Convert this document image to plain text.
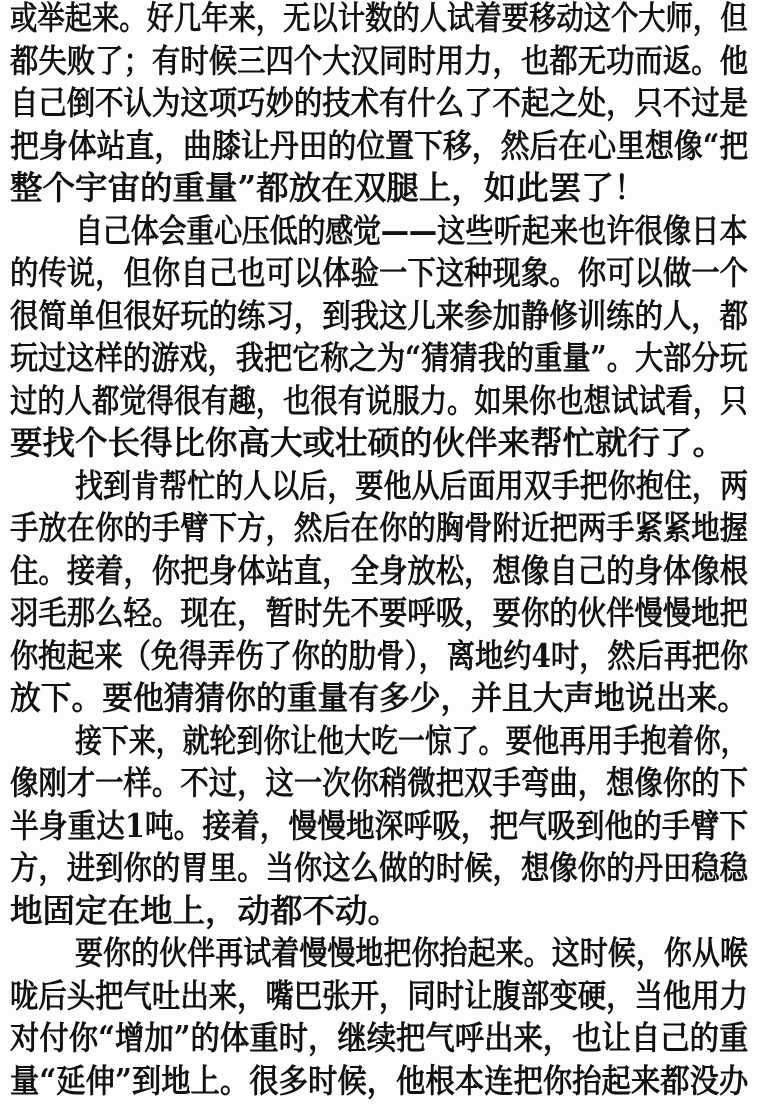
或举起来。好几年来，无以计数的人试着要移动这个大师，但
都失败了；有时候三四个大汉同时用力，也都无功而返。他
自己倒不认为这项巧妙的技术有什么了不起之处，只不过是
把身体站直，曲膝让丹田的位置下移，然后在心里想像“把
整个宇宙的重量”都放在双腿上，如此罢了！
自己体会重心压低的感觉——这些听起来也许很像日本
的传说，但你自己也可以体验一下这种现象。你可以做一个
很简单但很好玩的练习，到我这儿来参加静修训练的人，都
玩过这样的游戏，我把它称之为“猜猜我的重量”。大部分玩
过的人都觉得很有趣，也很有说服力。如果你也想试试看，只
要找个长得比你高大或壮硕的伙伴来帮忙就行了。
找到肯帮忙的人以后，要他从后面用双手把你抱住，两
手放在你的手臂下方，然后在你的胸骨附近把两手紧紧地握
住。接着，你把身体站直，全身放松，想像自己的身体像根
羽毛那么轻。现在，暂时先不要呼吸，要你的伙伴慢慢地把
你抱起来（免得弄伤了你的肋骨），离地约4吋，然后再把你
放下。要他猜猜你的重量有多少，并且大声地说出来。
接下来，就轮到你让他大吃一惊了。要他再用手抱着你，
像刚才一样。不过，这一次你稍微把双手弯曲，想像你的下
半身重达1吨。接着，慢慢地深呼吸，把气吸到他的手臂下
方，进到你的胃里。当你这么做的时候，想像你的丹田稳稳
地固定在地上，动都不动。
要你的伙伴再试着慢慢地把你抬起来。这时候，你从喉
咙后头把气吐出来，嘴巴张开，同时让腹部变硬，当他用力
对付你“增加”的体重时，继续把气呼出来，也让自己的重
量“延伸”到地上。很多时候，他根本连把你抬起来都没办
